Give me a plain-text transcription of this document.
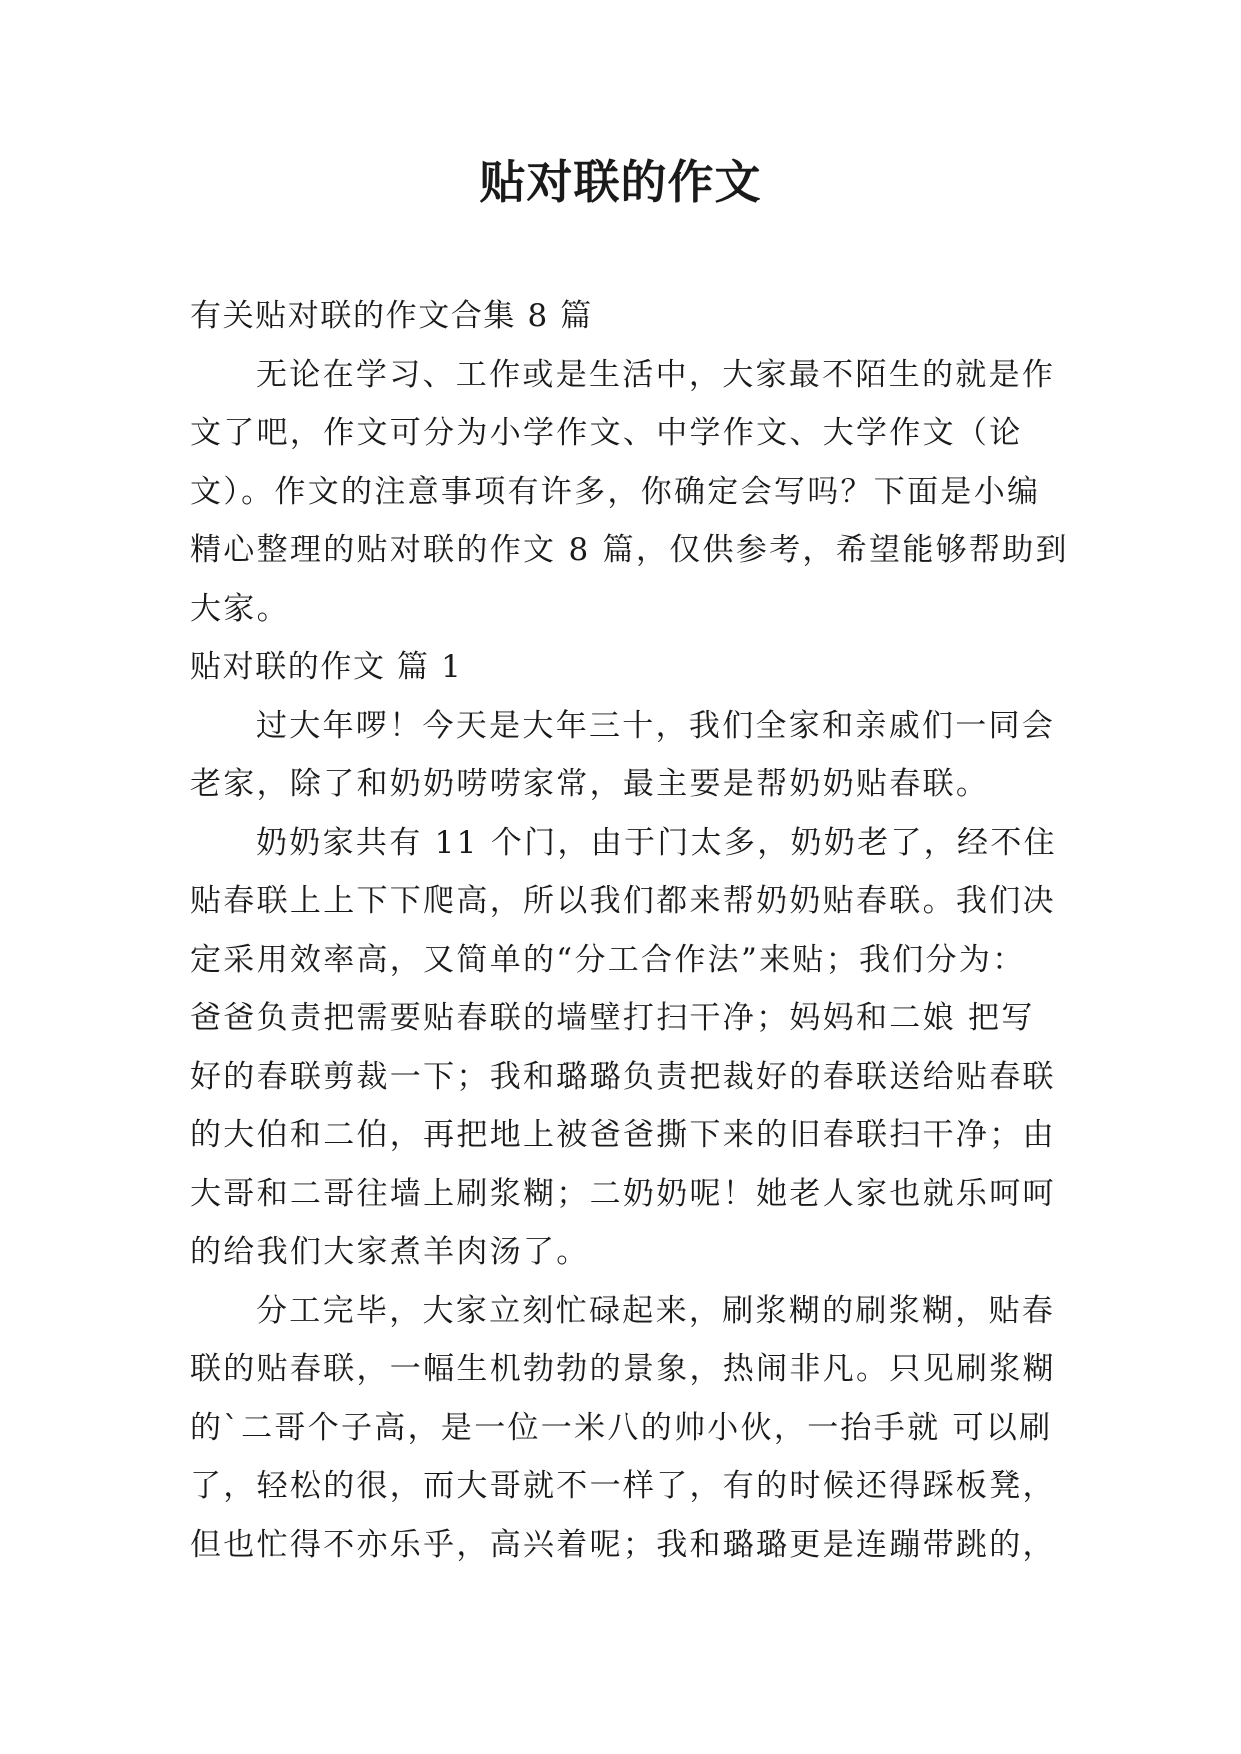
贴对联的作文
有关贴对联的作文合集 8 篇
无论在学习、工作或是生活中，大家最不陌生的就是作
文了吧，作文可分为小学作文、中学作文、大学作文（论
文）。作文的注意事项有许多，你确定会写吗？下面是小编
精心整理的贴对联的作文 8 篇，仅供参考，希望能够帮助到
大家。
贴对联的作文 篇 1
过大年啰！今天是大年三十，我们全家和亲戚们一同会
老家，除了和奶奶唠唠家常，最主要是帮奶奶贴春联。
奶奶家共有 11 个门，由于门太多，奶奶老了，经不住
贴春联上上下下爬高，所以我们都来帮奶奶贴春联。我们决
定采用效率高，又简单的“分工合作法”来贴；我们分为：
爸爸负责把需要贴春联的墙壁打扫干净；妈妈和二娘 把写
好的春联剪裁一下；我和璐璐负责把裁好的春联送给贴春联
的大伯和二伯，再把地上被爸爸撕下来的旧春联扫干净；由
大哥和二哥往墙上刷浆糊；二奶奶呢！她老人家也就乐呵呵
的给我们大家煮羊肉汤了。
分工完毕，大家立刻忙碌起来，刷浆糊的刷浆糊，贴春
联的贴春联，一幅生机勃勃的景象，热闹非凡。只见刷浆糊
的`二哥个子高，是一位一米八的帅小伙，一抬手就 可以刷
了，轻松的很，而大哥就不一样了，有的时候还得踩板凳，
但也忙得不亦乐乎，高兴着呢；我和璐璐更是连蹦带跳的，
